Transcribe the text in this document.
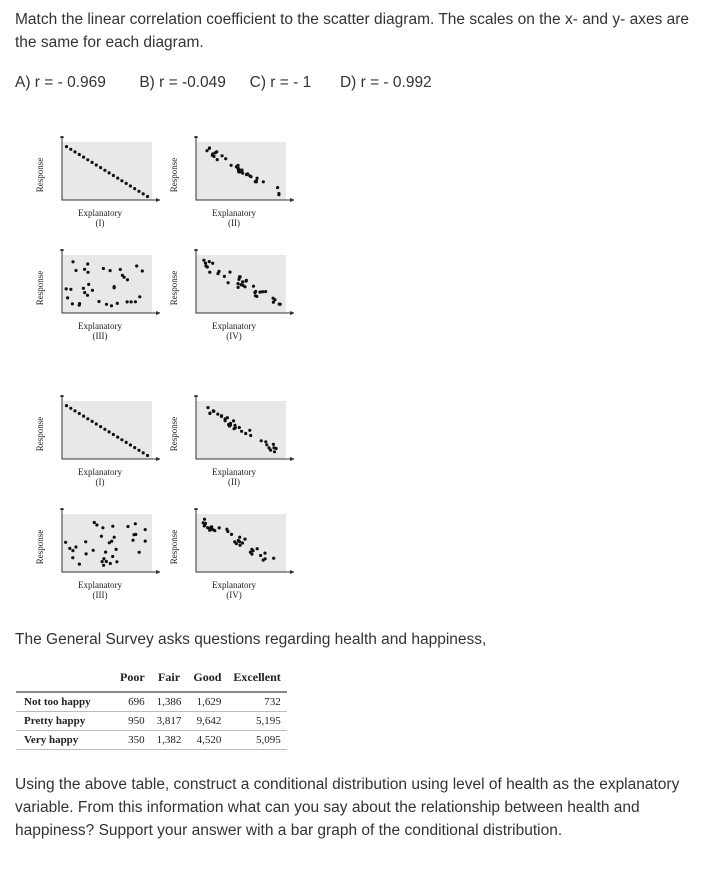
Match the linear correlation coefficient to the scatter diagram. The scales on the x- and y- axes are the same for each diagram.
A) r = - 0.969 B) r = -0.049 C) r = - 1 D) r = - 0.992
Response
Explanatory
(I)
Response
Explanatory
(II)
Response
Explanatory
(III)
Response
Explanatory
(IV)
Response
Explanatory
(I)
Response
Explanatory
(II)
Response
Explanatory
(III)
Response
Explanatory
(IV)
The General Survey asks questions regarding health and happiness,
	Poor	Fair	Good	Excellent
Not too happy	696	1,386	1,629	732
Pretty happy	950	3,817	9,642	5,195
Very happy	350	1,382	4,520	5,095
Using the above table, construct a conditional distribution using level of health as the explanatory variable. From this information what can you say about the relationship between health and happiness? Support your answer with a bar graph of the conditional distribution.
